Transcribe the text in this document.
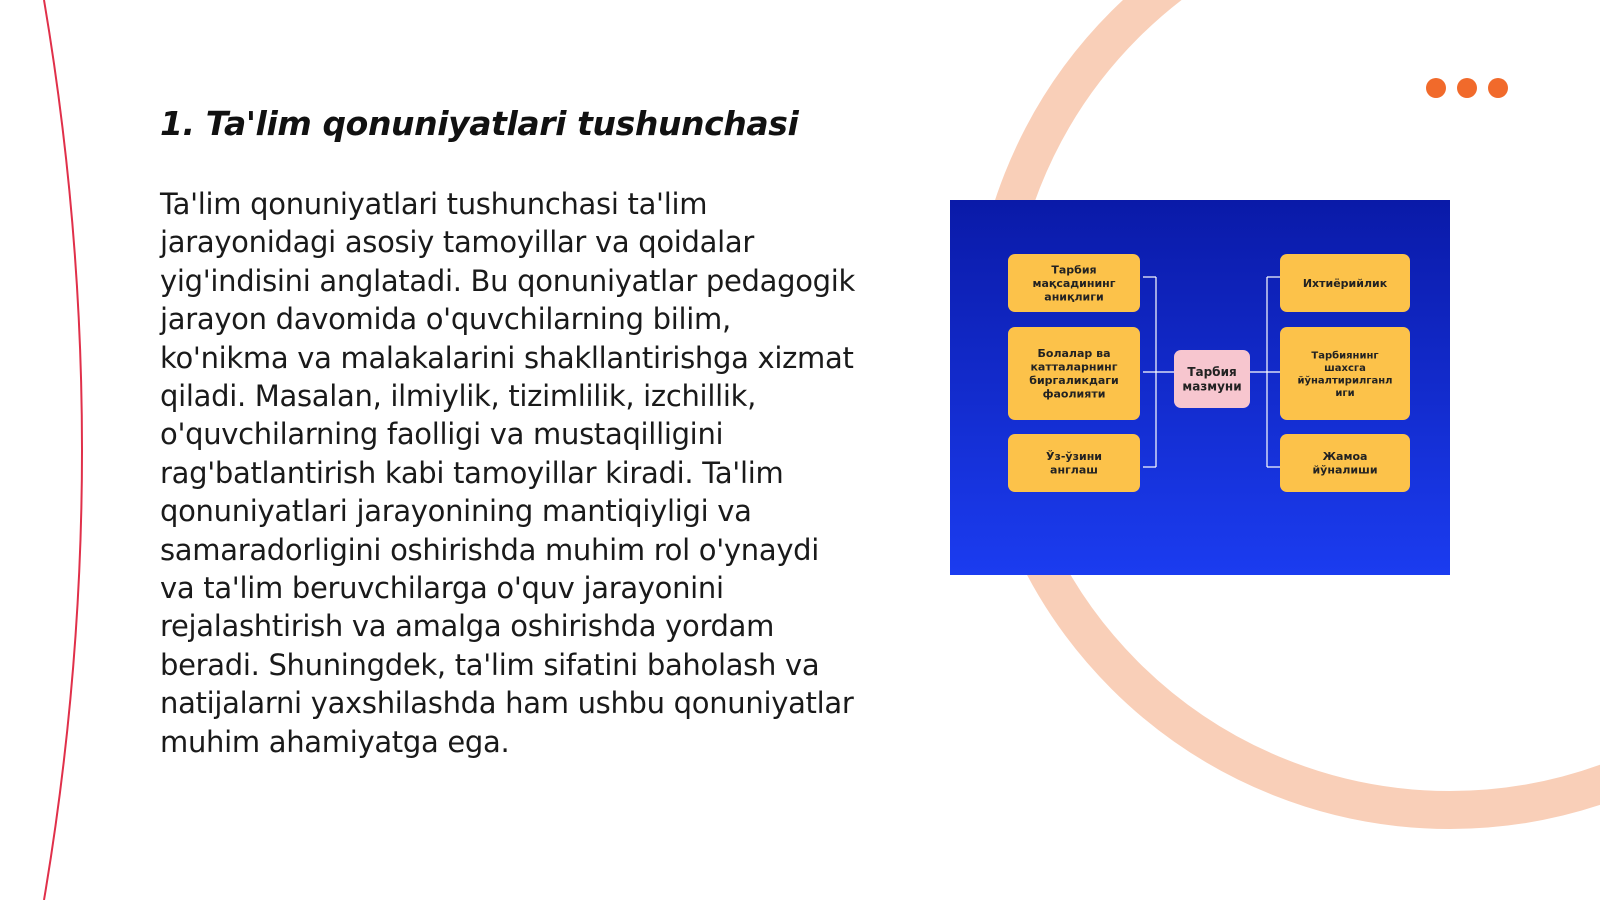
1. Ta'lim qonuniyatlari tushunchasi

Ta'lim qonuniyatlari tushunchasi ta'lim jarayonidagi asosiy tamoyillar va qoidalar yig'indisini anglatadi. Bu qonuniyatlar pedagogik jarayon davomida o'quvchilarning bilim, ko'nikma va malakalarini shakllantirishga xizmat qiladi. Masalan, ilmiylik, tizimlilik, izchillik, o'quvchilarning faolligi va mustaqilligini rag'batlantirish kabi tamoyillar kiradi. Ta'lim qonuniyatlari jarayonining mantiqiyligi va samaradorligini oshirishda muhim rol o'ynaydi va ta'lim beruvchilarga o'quv jarayonini rejalashtirish va amalga oshirishda yordam beradi. Shuningdek, ta'lim sifatini baholash va natijalarni yaxshilashda ham ushbu qonuniyatlar muhim ahamiyatga ega.

Тарбия
мақсадининг
аниқлиги
Болалар ва
катталарнинг
биргаликдаги
фаолияти
Ўз-ўзини
англаш
Ихтиёрийлик
Тарбиянинг
шахсга
йўналтирилганл
иги
Жамоа
йўналиши
Тарбия
мазмуни
